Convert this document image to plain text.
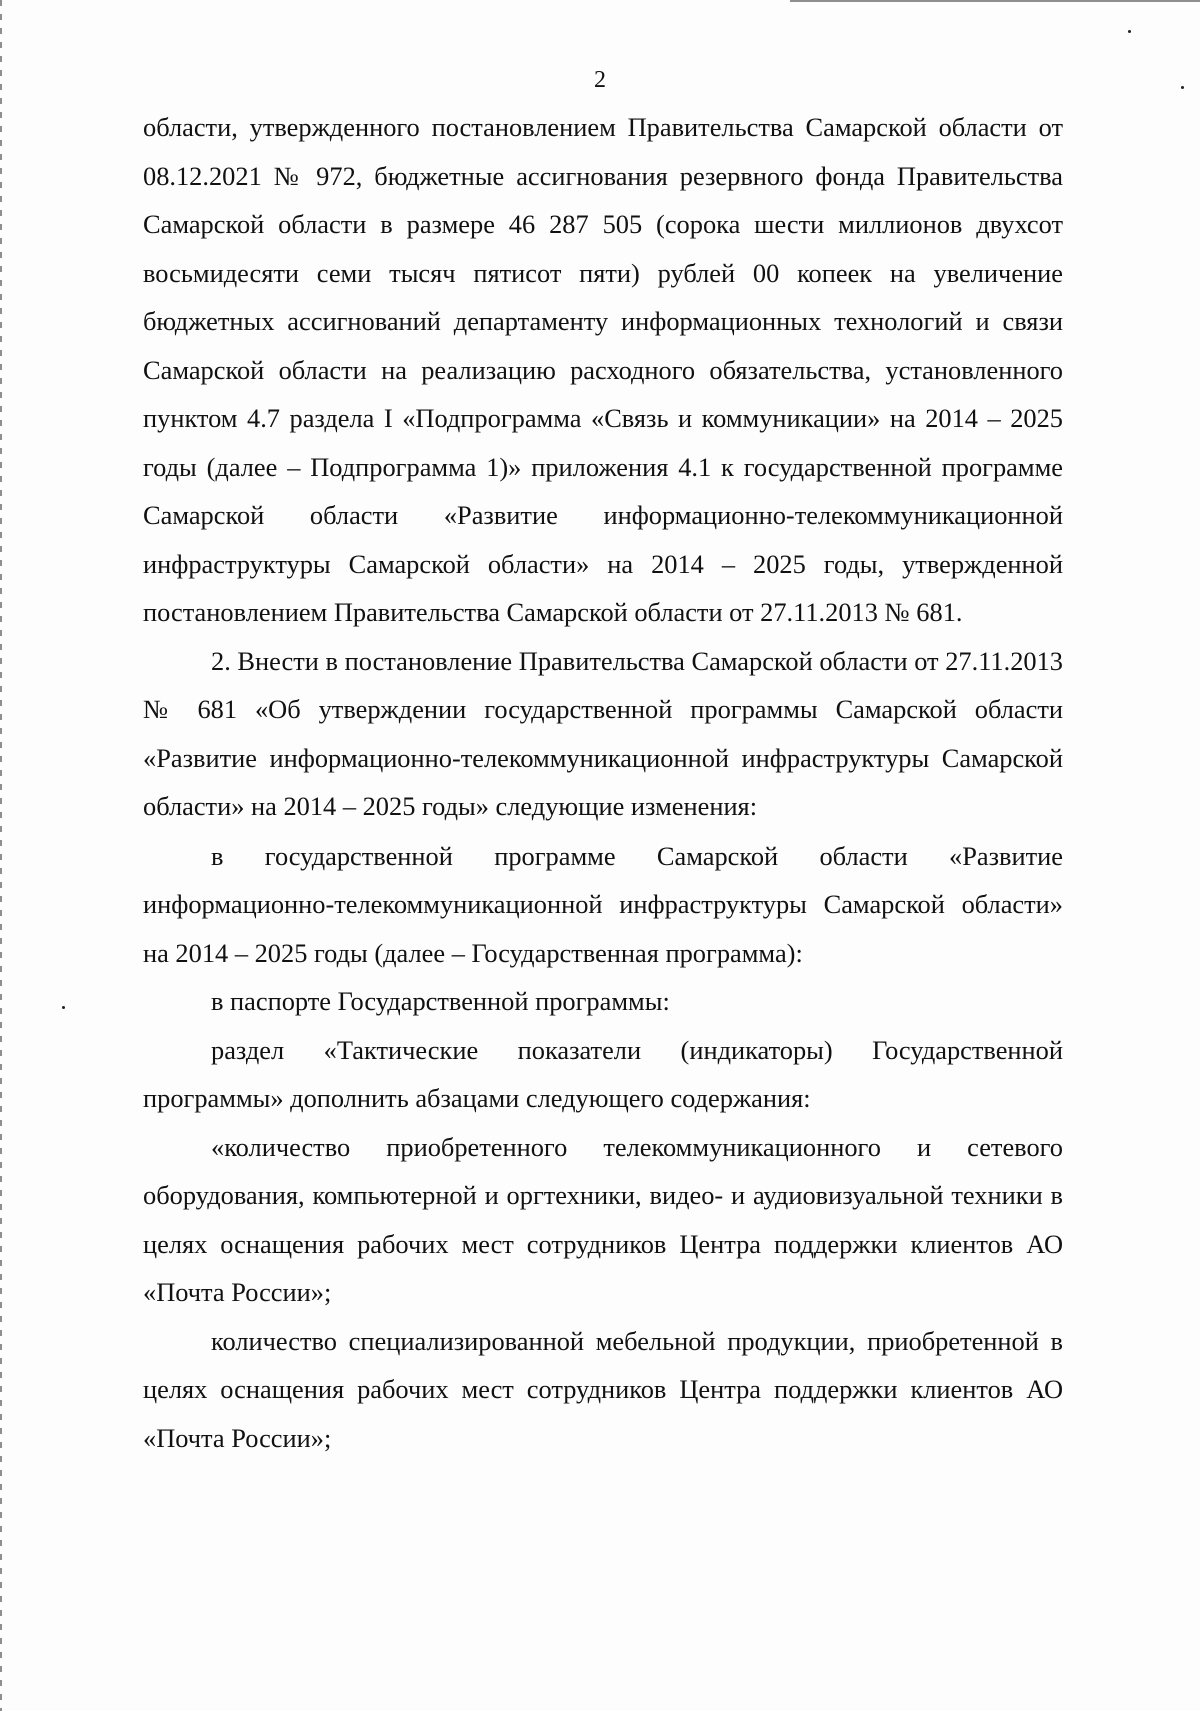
2

области, утвержденного постановлением Правительства Самарской области от 08.12.2021 № 972, бюджетные ассигнования резервного фонда Правительства Самарской области в размере 46 287 505 (сорока шести миллионов двухсот восьмидесяти семи тысяч пятисот пяти) рублей 00 копеек на увеличение бюджетных ассигнований департаменту информационных технологий и связи Самарской области на реализацию расходного обязательства, установленного пунктом 4.7 раздела I «Подпрограмма «Связь и коммуникации» на 2014 – 2025 годы (далее – Подпрограмма 1)» приложения 4.1 к государственной программе Самарской области «Развитие информационно-телекоммуникационной инфраструктуры Самарской области» на 2014 – 2025 годы, утвержденной постановлением Правительства Самарской области от 27.11.2013 № 681.

2. Внести в постановление Правительства Самарской области от 27.11.2013 № 681 «Об утверждении государственной программы Самарской области «Развитие информационно-телекоммуникационной инфраструктуры Самарской области» на 2014 – 2025 годы» следующие изменения:

в государственной программе Самарской области «Развитие информационно-телекоммуникационной инфраструктуры Самарской области» на 2014 – 2025 годы (далее – Государственная программа):

в паспорте Государственной программы:

раздел «Тактические показатели (индикаторы) Государственной программы» дополнить абзацами следующего содержания:

«количество приобретенного телекоммуникационного и сетевого оборудования, компьютерной и оргтехники, видео- и аудиовизуальной техники в целях оснащения рабочих мест сотрудников Центра поддержки клиентов АО «Почта России»;

количество специализированной мебельной продукции, приобретенной в целях оснащения рабочих мест сотрудников Центра поддержки клиентов АО «Почта России»;
